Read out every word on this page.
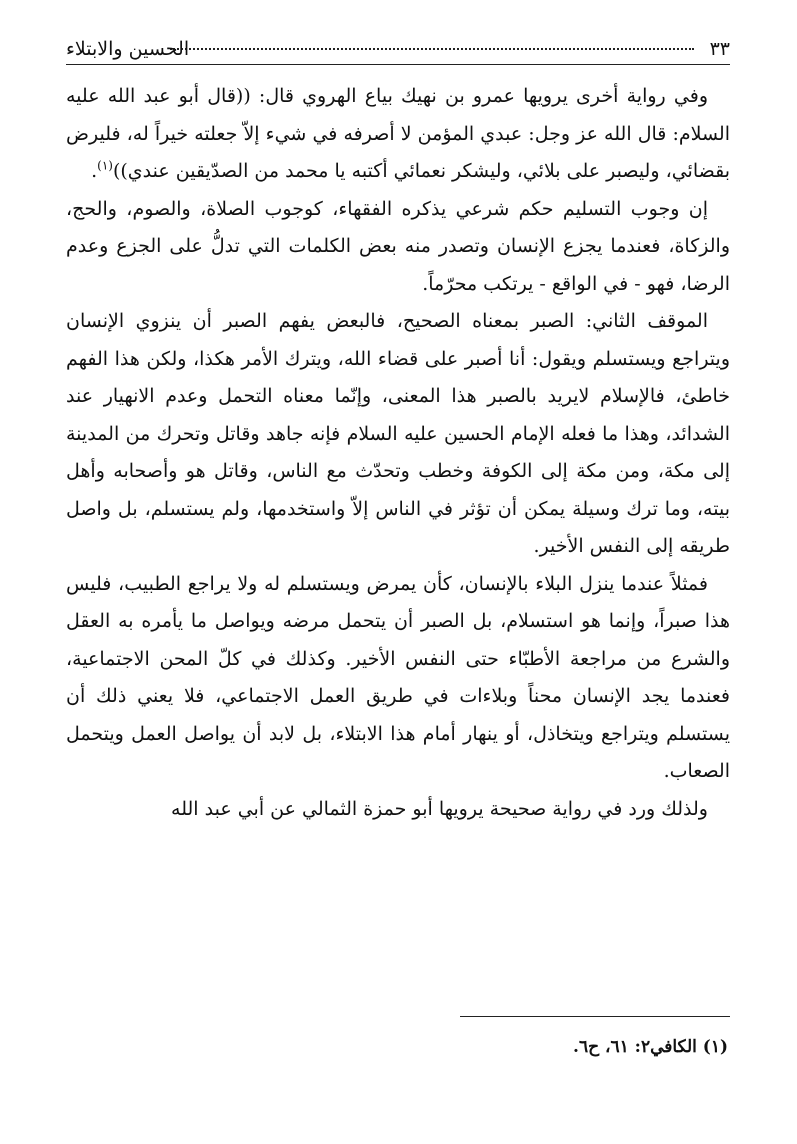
٣٣
الحسين والابتلاء

وفي رواية أخرى يرويها عمرو بن نهيك بياع الهروي قال: ((قال أبو عبد الله عليه السلام: قال الله عز وجل: عبدي المؤمن لا أصرفه في شيء إلاّ جعلته خيراً له، فليرض بقضائي، وليصبر على بلائي، وليشكر نعمائي أكتبه يا محمد من الصدّيقين عندي))$^{(١)}$.

إن وجوب التسليم حكم شرعي يذكره الفقهاء، كوجوب الصلاة، والصوم، والحج، والزكاة، فعندما يجزع الإنسان وتصدر منه بعض الكلمات التي تدلُّ على الجزع وعدم الرضا، فهو - في الواقع - يرتكب محرّماً.

الموقف الثاني: الصبر بمعناه الصحيح، فالبعض يفهم الصبر أن ينزوي الإنسان ويتراجع ويستسلم ويقول: أنا أصبر على قضاء الله، ويترك الأمر هكذا، ولكن هذا الفهم خاطئ، فالإسلام لايريد بالصبر هذا المعنى، وإنّما معناه التحمل وعدم الانهيار عند الشدائد، وهذا ما فعله الإمام الحسين عليه السلام فإنه جاهد وقاتل وتحرك من المدينة إلى مكة، ومن مكة إلى الكوفة وخطب وتحدّث مع الناس، وقاتل هو وأصحابه وأهل بيته، وما ترك وسيلة يمكن أن تؤثر في الناس إلاّ واستخدمها، ولم يستسلم، بل واصل طريقه إلى النفس الأخير.

فمثلاً عندما ينزل البلاء بالإنسان، كأن يمرض ويستسلم له ولا يراجع الطبيب، فليس هذا صبراً، وإنما هو استسلام، بل الصبر أن يتحمل مرضه ويواصل ما يأمره به العقل والشرع من مراجعة الأطبّاء حتى النفس الأخير. وكذلك في كلّ المحن الاجتماعية، فعندما يجد الإنسان محناً وبلاءات في طريق العمل الاجتماعي، فلا يعني ذلك أن يستسلم ويتراجع ويتخاذل، أو ينهار أمام هذا الابتلاء، بل لابد أن يواصل العمل ويتحمل الصعاب.

ولذلك ورد في رواية صحيحة يرويها أبو حمزة الثمالي عن أبي عبد الله

(١) الكافي٢: ٦١، ح٦.
